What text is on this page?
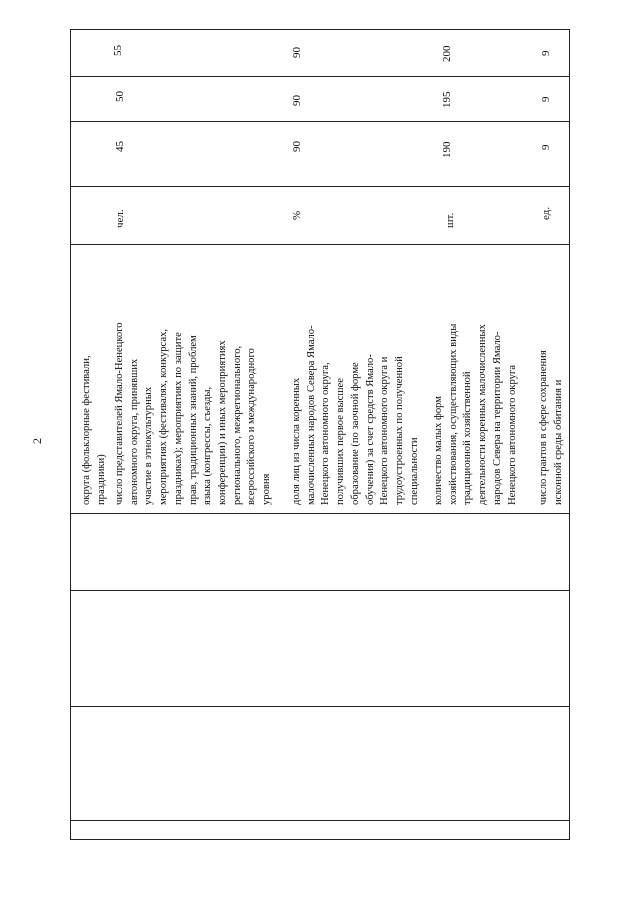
2	округа (фольклорные фестивали, праздники)
55
число представителей Ямало-Ненецкого автономного округа, принявших участие в этнокультурных мероприятиях (фестивалях, конкурсах, праздниках); мероприятиях по защите прав, традиционных знаний, проблем языка (конгрессы, съезды, конференции) и иных мероприятиях регионального, межрегионального, всероссийского и международного уровня
чел.
45
50
доля лиц из числа коренных малочисленных народов Севера Ямало- Ненецкого автономного округа, получивших первое высшее образование (по заочной форме обучения) за счет средств Ямало- Ненецкого автономного округа и трудоустроенных по полученной специальности
%
90
90
90
количество малых форм хозяйствования, осуществляющих виды традиционной хозяйственной деятельности коренных малочисленных народов Севера на территории Ямало- Ненецкого автономного округа
шт.
190
195
200
число грантов в сфере сохранения исконной среды обитания и
ед.
9
9
9
